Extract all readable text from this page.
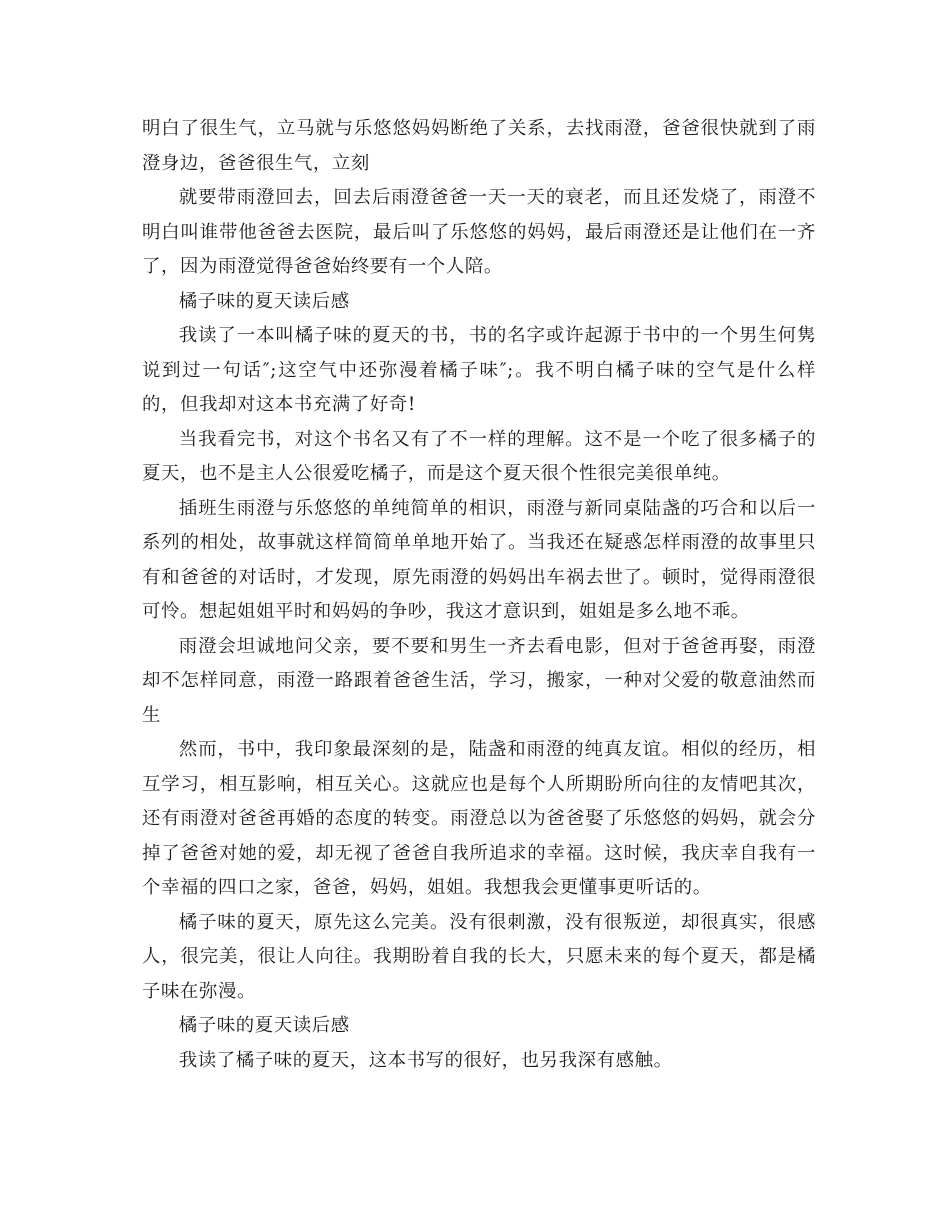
明白了很生气，立马就与乐悠悠妈妈断绝了关系，去找雨澄，爸爸很快就到了雨澄身边，爸爸很生气，立刻

就要带雨澄回去，回去后雨澄爸爸一天一天的衰老，而且还发烧了，雨澄不明白叫谁带他爸爸去医院，最后叫了乐悠悠的妈妈，最后雨澄还是让他们在一齐了，因为雨澄觉得爸爸始终要有一个人陪。

橘子味的夏天读后感

我读了一本叫橘子味的夏天的书，书的名字或许起源于书中的一个男生何隽说到过一句话″;这空气中还弥漫着橘子味″;。我不明白橘子味的空气是什么样的，但我却对这本书充满了好奇!

当我看完书，对这个书名又有了不一样的理解。这不是一个吃了很多橘子的夏天，也不是主人公很爱吃橘子，而是这个夏天很个性很完美很单纯。

插班生雨澄与乐悠悠的单纯简单的相识，雨澄与新同桌陆盏的巧合和以后一系列的相处，故事就这样简简单单地开始了。当我还在疑惑怎样雨澄的故事里只有和爸爸的对话时，才发现，原先雨澄的妈妈出车祸去世了。顿时，觉得雨澄很可怜。想起姐姐平时和妈妈的争吵，我这才意识到，姐姐是多么地不乖。

雨澄会坦诚地问父亲，要不要和男生一齐去看电影，但对于爸爸再娶，雨澄却不怎样同意，雨澄一路跟着爸爸生活，学习，搬家，一种对父爱的敬意油然而生

然而，书中，我印象最深刻的是，陆盏和雨澄的纯真友谊。相似的经历，相互学习，相互影响，相互关心。这就应也是每个人所期盼所向往的友情吧其次，还有雨澄对爸爸再婚的态度的转变。雨澄总以为爸爸娶了乐悠悠的妈妈，就会分掉了爸爸对她的爱，却无视了爸爸自我所追求的幸福。这时候，我庆幸自我有一个幸福的四口之家，爸爸，妈妈，姐姐。我想我会更懂事更听话的。

橘子味的夏天，原先这么完美。没有很刺激，没有很叛逆，却很真实，很感人，很完美，很让人向往。我期盼着自我的长大，只愿未来的每个夏天，都是橘子味在弥漫。

橘子味的夏天读后感

我读了橘子味的夏天，这本书写的很好，也另我深有感触。
